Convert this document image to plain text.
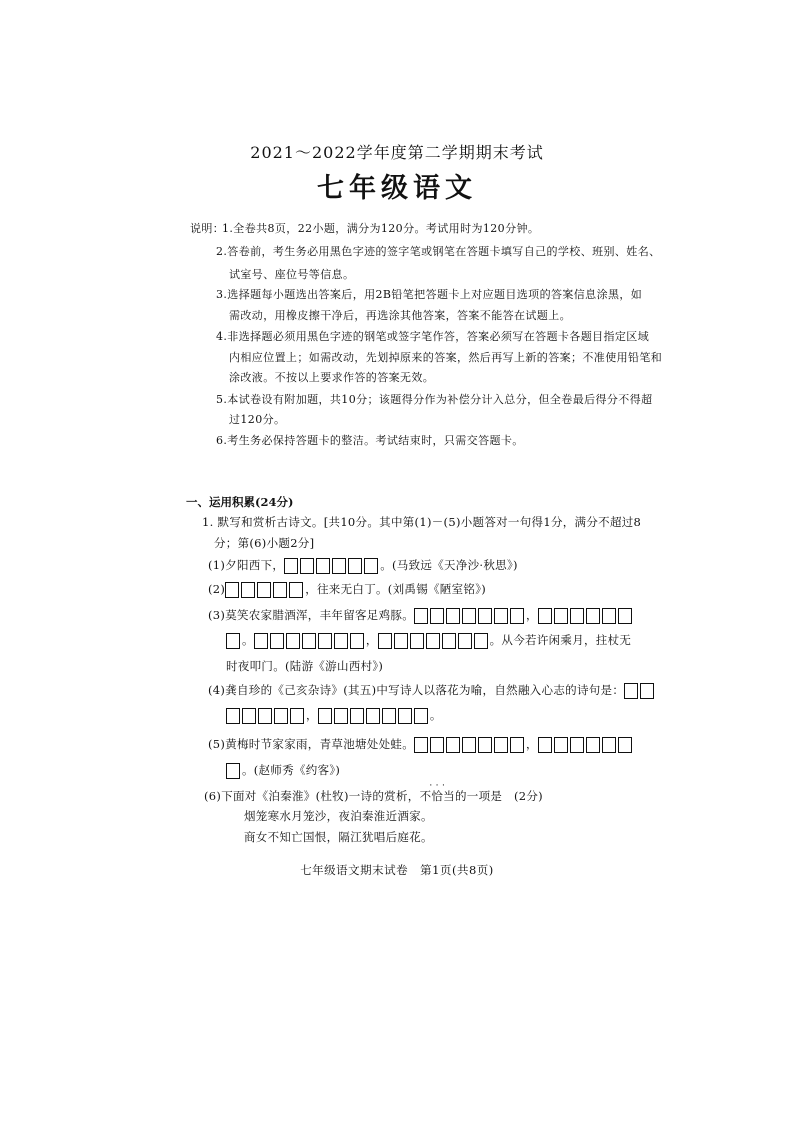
2021～2022学年度第二学期期末考试
七年级语文
说明：
1.全卷共8页，22小题，满分为120分。考试用时为120分钟。
2.答卷前，考生务必用黑色字迹的签字笔或钢笔在答题卡填写自己的学校、班别、姓名、
试室号、座位号等信息。
3.选择题每小题选出答案后，用2B铅笔把答题卡上对应题目选项的答案信息涂黑，如
需改动，用橡皮擦干净后，再选涂其他答案，答案不能答在试题上。
4.非选择题必须用黑色字迹的钢笔或签字笔作答，答案必须写在答题卡各题目指定区域
内相应位置上；如需改动，先划掉原来的答案，然后再写上新的答案；不准使用铅笔和
涂改液。不按以上要求作答的答案无效。
5.本试卷设有附加题，共10分；该题得分作为补偿分计入总分，但全卷最后得分不得超
过120分。
6.考生务必保持答题卡的整洁。考试结束时，只需交答题卡。
一、运用积累(24分)
1. 默写和赏析古诗文。[共10分。其中第(1)－(5)小题答对一句得1分，满分不超过8
分；第(6)小题2分]
(1)夕阳西下，	。(马致远《天净沙·秋思》)
(2)	，往来无白丁。(刘禹锡《陋室铭》)
(3)莫笑农家腊酒浑，丰年留客足鸡豚。	，
。	，	。从今若许闲乘月，拄杖无
时夜叩门。(陆游《游山西村》)
(4)龚自珍的《己亥杂诗》(其五)中写诗人以落花为喻，自然融入心志的诗句是：
，	。
(5)黄梅时节家家雨，青草池塘处处蛙。	，
。(赵师秀《约客》)
(6)下面对《泊秦淮》(杜牧)一诗的赏析，
· · ·
不恰当的一项是　(2分)
烟笼寒水月笼沙，夜泊秦淮近酒家。
商女不知亡国恨，隔江犹唱后庭花。
七年级语文期末试卷　第1页(共8页)
